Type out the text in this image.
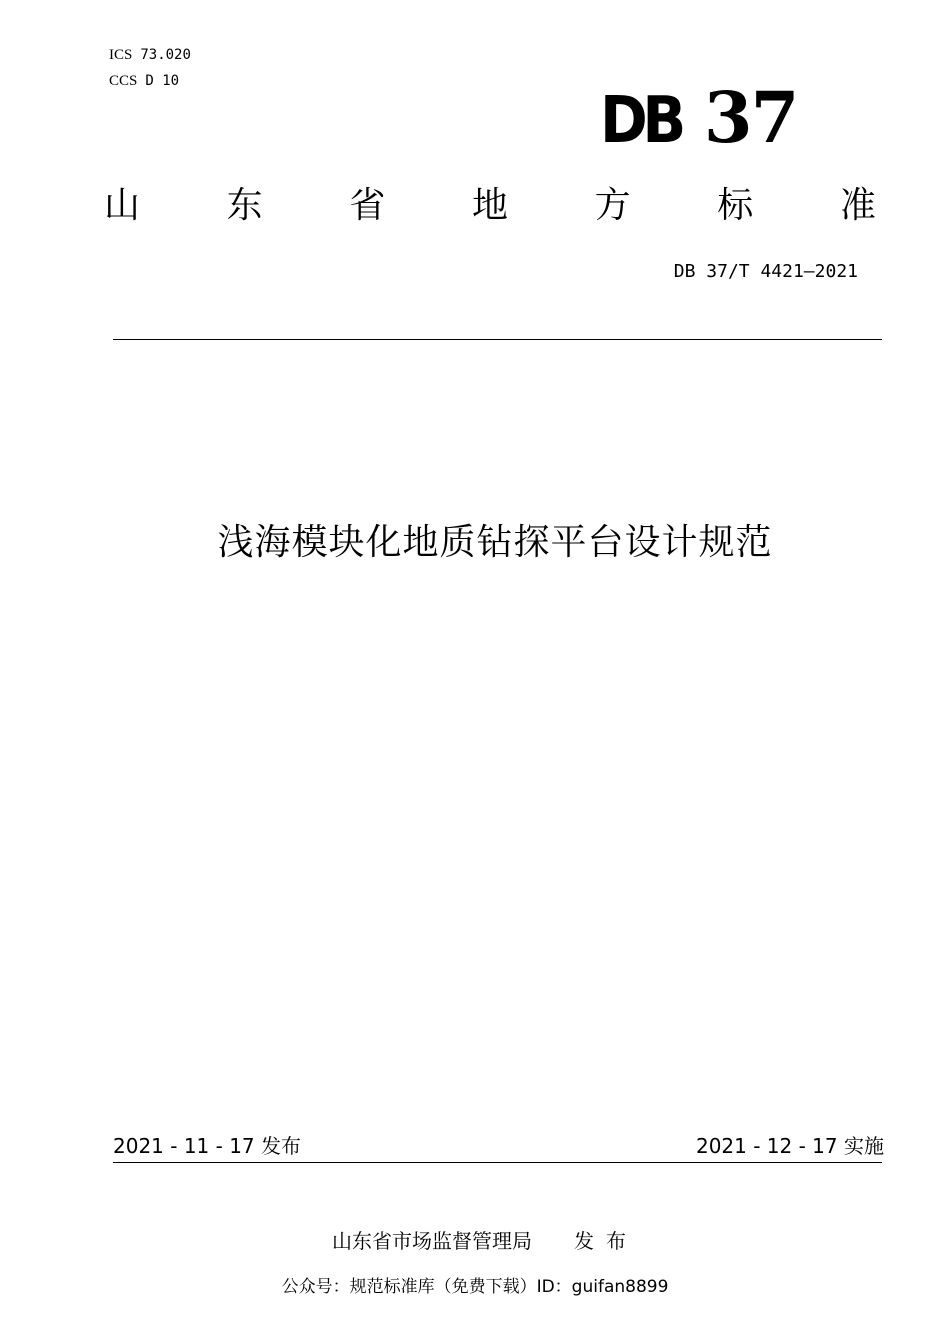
ICS 73.020
CCS D 10
DB 37
山 东 省 地 方 标 准
DB 37/T 4421—2021
浅海模块化地质钻探平台设计规范
2021 - 11 - 17 发布	2021 - 12 - 17 实施
山东省市场监督管理局 发布
公众号：规范标准库（免费下载）ID：guifan8899
